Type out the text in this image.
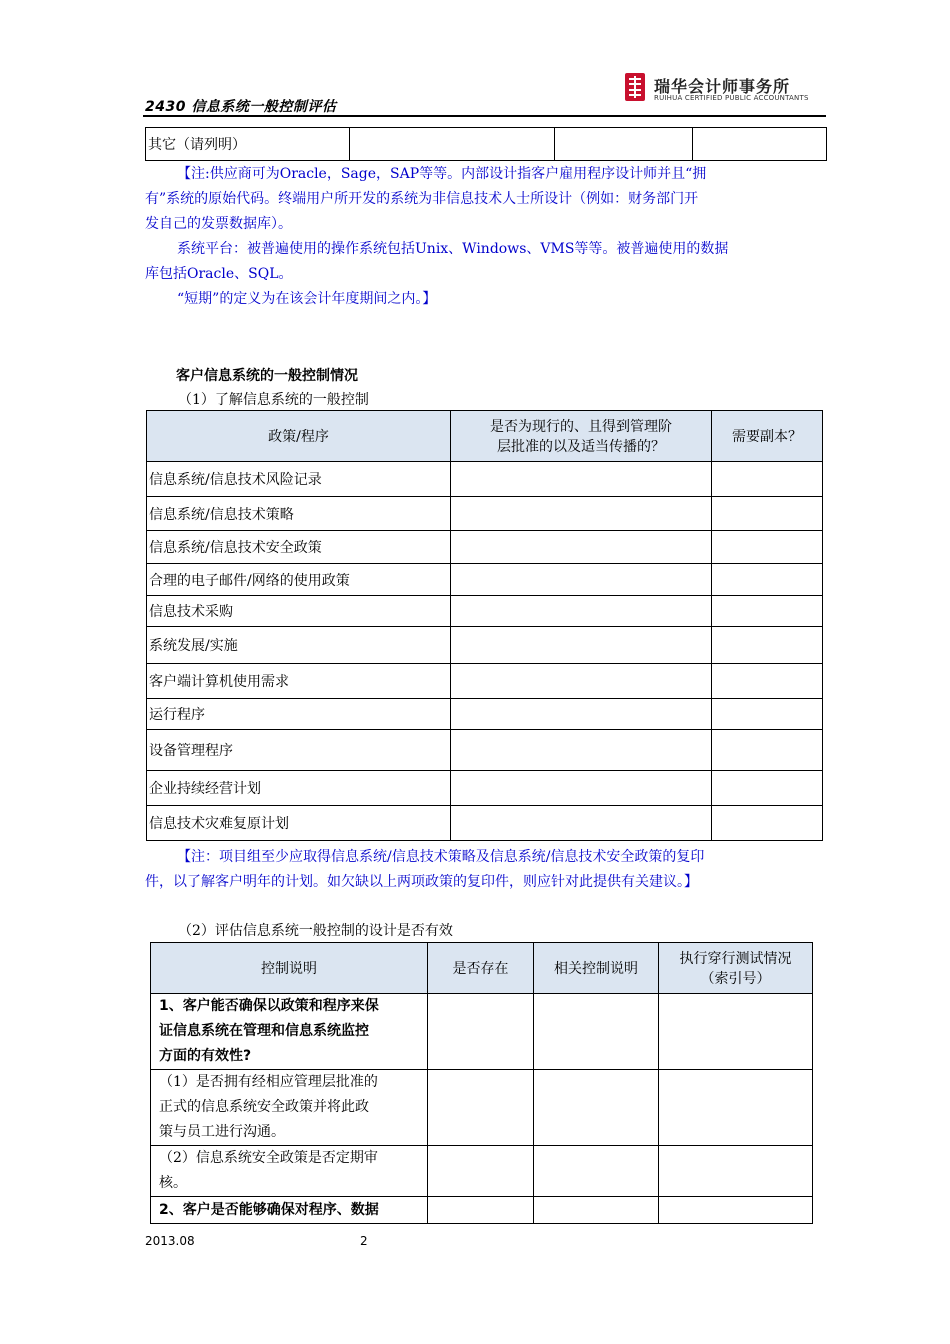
瑞华会计师事务所
RUIHUA CERTIFIED PUBLIC ACCOUNTANTS
2430 信息系统一般控制评估
其它（请列明）			
【注:供应商可为Oracle，Sage，SAP等等。内部设计指客户雇用程序设计师并且“拥
有”系统的原始代码。终端用户所开发的系统为非信息技术人士所设计（例如：财务部门开
发自己的发票数据库）。
系统平台：被普遍使用的操作系统包括Unix、Windows、VMS等等。被普遍使用的数据
库包括Oracle、SQL。
“短期”的定义为在该会计年度期间之内。】
客户信息系统的一般控制情况
（1）了解信息系统的一般控制
政策/程序	是否为现行的、且得到管理阶
层批准的以及适当传播的？	需要副本？
信息系统/信息技术风险记录		
信息系统/信息技术策略		
信息系统/信息技术安全政策		
合理的电子邮件/网络的使用政策		
信息技术采购		
系统发展/实施		
客户端计算机使用需求		
运行程序		
设备管理程序		
企业持续经营计划		
信息技术灾难复原计划		
【注：项目组至少应取得信息系统/信息技术策略及信息系统/信息技术安全政策的复印
件，以了解客户明年的计划。如欠缺以上两项政策的复印件，则应针对此提供有关建议。】
（2）评估信息系统一般控制的设计是否有效
控制说明	是否存在	相关控制说明	执行穿行测试情况
（索引号）

1、客户能否确保以政策和程序来保
证信息系统在管理和信息系统监控
方面的有效性?			

（1）是否拥有经相应管理层批准的
正式的信息系统安全政策并将此政
策与员工进行沟通。			

（2）信息系统安全政策是否定期审
核。			

2、客户是否能够确保对程序、数据			

2013.08	2
